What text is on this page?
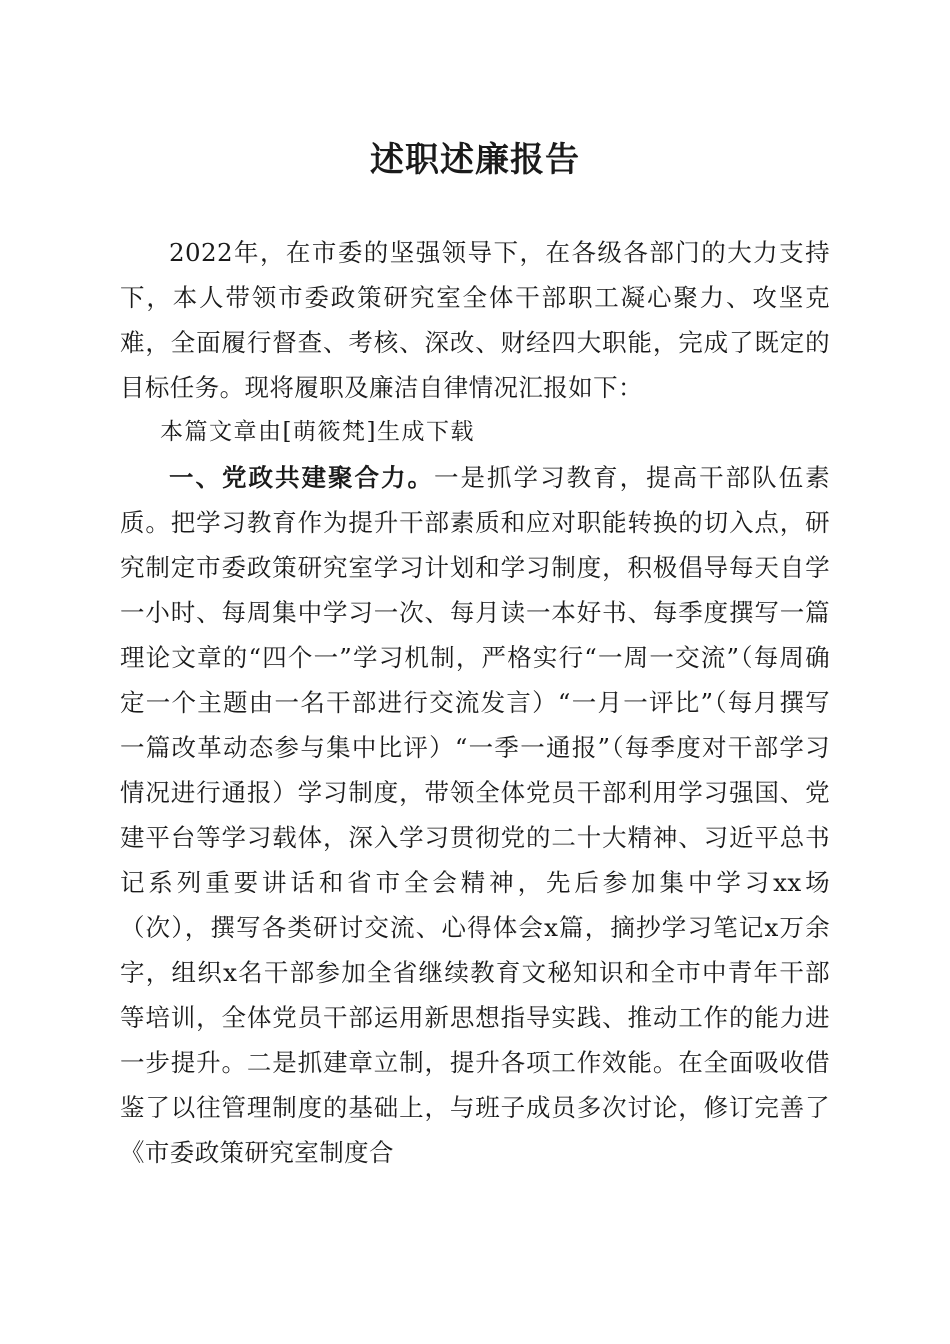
述职述廉报告

2022年，在市委的坚强领导下，在各级各部门的大力支持下，本人带领市委政策研究室全体干部职工凝心聚力、攻坚克难，全面履行督查、考核、深改、财经四大职能，完成了既定的目标任务。现将履职及廉洁自律情况汇报如下：

本篇文章由[萌筱梵]生成下载

一、党政共建聚合力。一是抓学习教育，提高干部队伍素质。把学习教育作为提升干部素质和应对职能转换的切入点，研究制定市委政策研究室学习计划和学习制度，积极倡导每天自学一小时、每周集中学习一次、每月读一本好书、每季度撰写一篇理论文章的“四个一”学习机制，严格实行“一周一交流”（每周确定一个主题由一名干部进行交流发言）“一月一评比”（每月撰写一篇改革动态参与集中比评）“一季一通报”（每季度对干部学习情况进行通报）学习制度，带领全体党员干部利用学习强国、党建平台等学习载体，深入学习贯彻党的二十大精神、习近平总书记系列重要讲话和省市全会精神，先后参加集中学习xx场（次），撰写各类研讨交流、心得体会x篇，摘抄学习笔记x万余字，组织x名干部参加全省继续教育文秘知识和全市中青年干部等培训，全体党员干部运用新思想指导实践、推动工作的能力进一步提升。二是抓建章立制，提升各项工作效能。在全面吸收借鉴了以往管理制度的基础上，与班子成员多次讨论，修订完善了《市委政策研究室制度合
